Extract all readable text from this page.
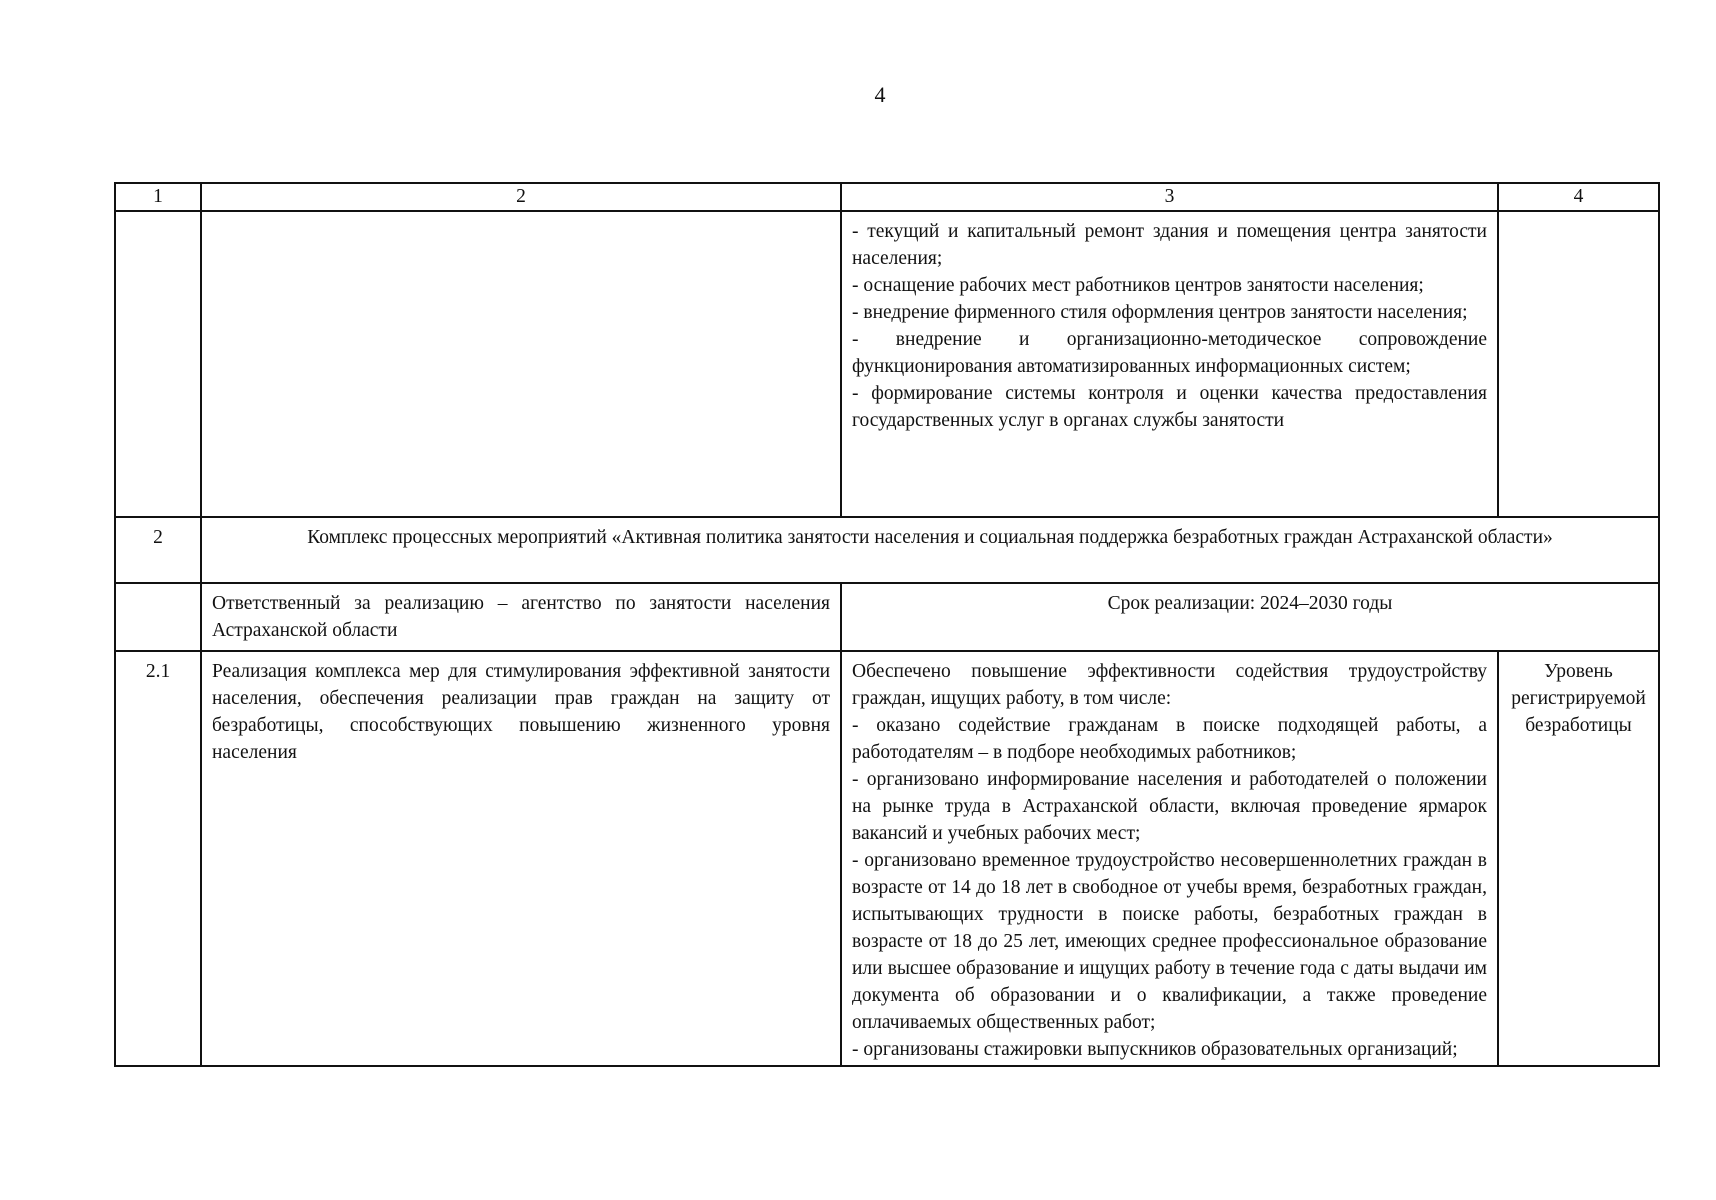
4
1	2	3	4

		- текущий и капитальный ремонт здания и помещения центра занятости населения;
- оснащение рабочих мест работников центров занятости населения;
- внедрение фирменного стиля оформления центров занятости населения;
- внедрение и организационно-методическое сопровождение функционирования автоматизированных информационных систем;
- формирование системы контроля и оценки качества предоставления государственных услуг в органах службы занятости	

2	Комплекс процессных мероприятий «Активная политика занятости населения и социальная поддержка безработных граждан Астраханской области»		
	Ответственный за реализацию – агентство по занятости населения Астраханской области	Срок реализации: 2024–2030 годы	
2.1	Реализация комплекса мер для стимулирования эффективной занятости населения, обеспечения реализации прав граждан на защиту от безработицы, способствующих повышению жизненного уровня населения	Обеспечено повышение эффективности содействия трудоустройству граждан, ищущих работу, в том числе:
- оказано содействие гражданам в поиске подходящей работы, а работодателям – в подборе необходимых работников;
- организовано информирование населения и работодателей о положении на рынке труда в Астраханской области, включая проведение ярмарок вакансий и учебных рабочих мест;
- организовано временное трудоустройство несовершеннолетних граждан в возрасте от 14 до 18 лет в свободное от учебы время, безработных граждан, испытывающих трудности в поиске работы, безработных граждан в возрасте от 18 до 25 лет, имеющих среднее профессиональное образование или высшее образование и ищущих работу в течение года с даты выдачи им документа об образовании и о квалификации, а также проведение оплачиваемых общественных работ;
- организованы стажировки выпускников образовательных организаций;	Уровень регистрируемой безработицы
